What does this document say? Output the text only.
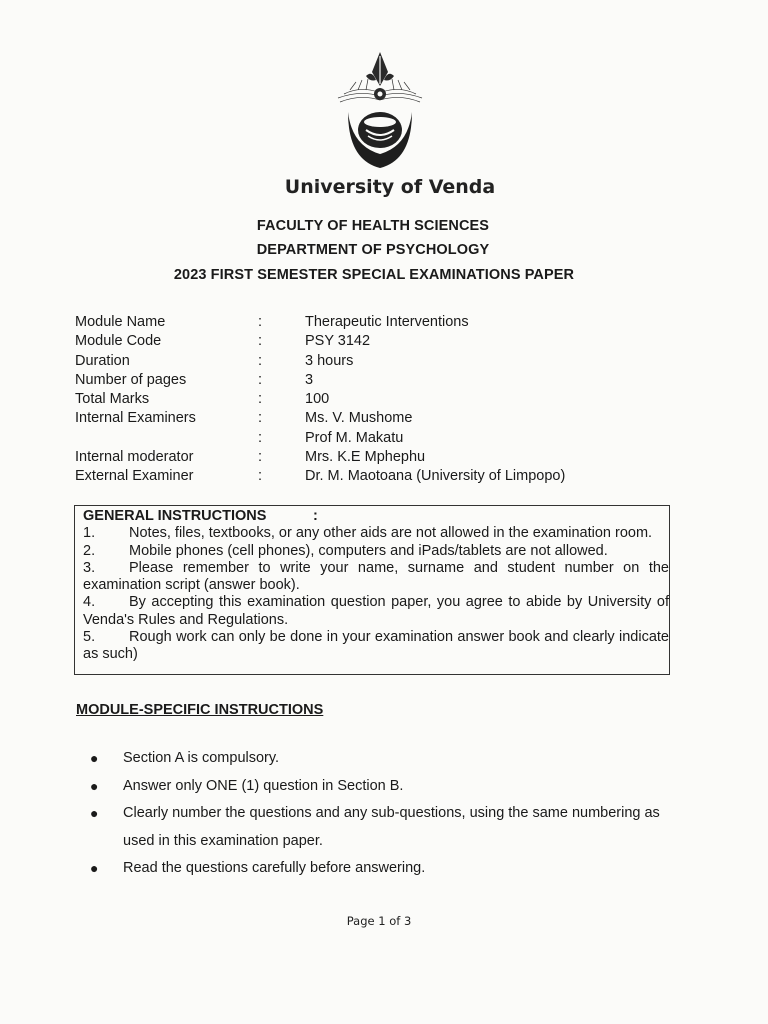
University of Venda
FACULTY OF HEALTH SCIENCES
DEPARTMENT OF PSYCHOLOGY
2023 FIRST SEMESTER SPECIAL EXAMINATIONS PAPER
Module Name	:	Therapeutic Interventions
Module Code	:	PSY 3142
Duration	:	3 hours
Number of pages	:	3
Total Marks	:	100
Internal Examiners	:	Ms. V. Mushome
:	Prof M. Makatu
Internal moderator	:	Mrs. K.E Mphephu
External Examiner	:	Dr. M. Maotoana (University of Limpopo)
GENERAL INSTRUCTIONS	:
1. Notes, files, textbooks, or any other aids are not allowed in the examination room.
2. Mobile phones (cell phones), computers and iPads/tablets are not allowed.
3. Please remember to write your name, surname and student number on the examination script (answer book).
4. By accepting this examination question paper, you agree to abide by University of Venda's Rules and Regulations.
5. Rough work can only be done in your examination answer book and clearly indicate as such)
MODULE-SPECIFIC INSTRUCTIONS
● Section A is compulsory.
● Answer only ONE (1) question in Section B.
● Clearly number the questions and any sub-questions, using the same numbering as used in this examination paper.
● Read the questions carefully before answering.
Page 1 of 3
